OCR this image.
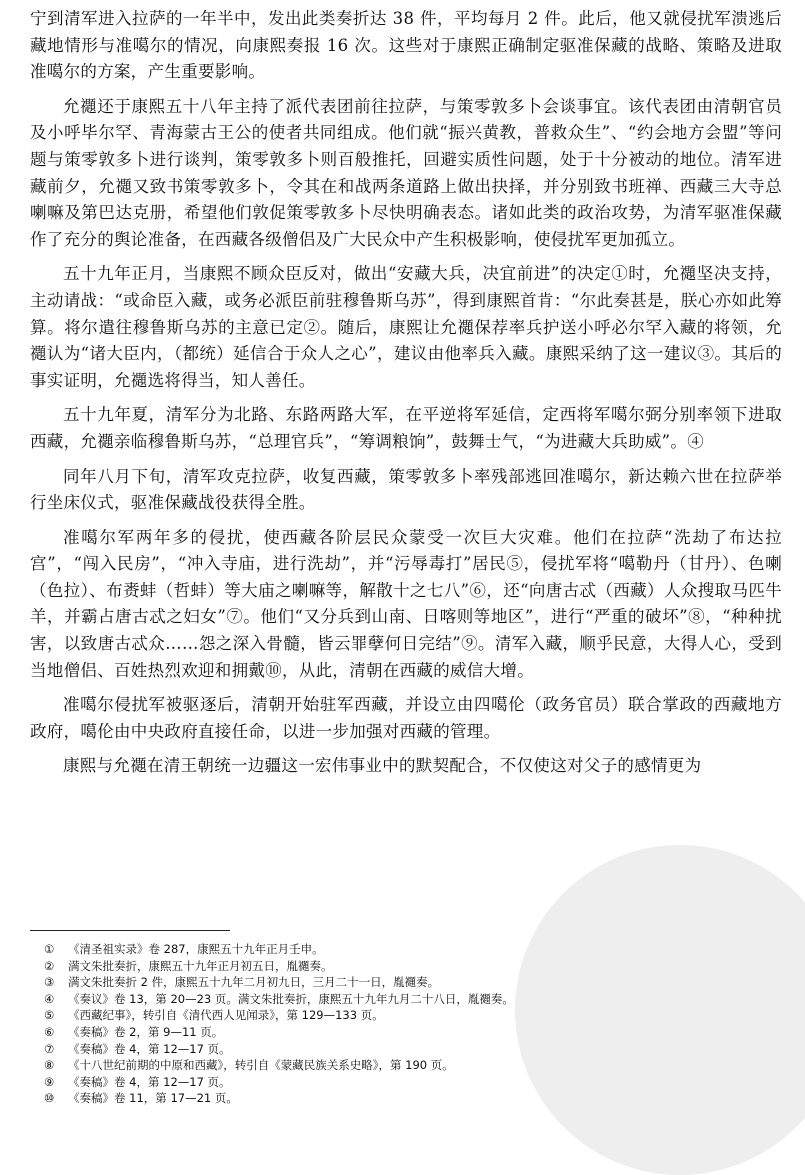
宁到清军进入拉萨的一年半中，发出此类奏折达 38 件，平均每月 2 件。此后，他又就侵扰军溃逃后藏地情形与准噶尔的情况，向康熙奏报 16 次。这些对于康熙正确制定驱准保藏的战略、策略及进取准噶尔的方案，产生重要影响。

允禵还于康熙五十八年主持了派代表团前往拉萨，与策零敦多卜会谈事宜。该代表团由清朝官员及小呼毕尔罕、青海蒙古王公的使者共同组成。他们就“振兴黄教，普救众生”、“约会地方会盟”等问题与策零敦多卜进行谈判，策零敦多卜则百般推托，回避实质性问题，处于十分被动的地位。清军进藏前夕，允禵又致书策零敦多卜，令其在和战两条道路上做出抉择，并分别致书班禅、西藏三大寺总喇嘛及第巴达克册，希望他们敦促策零敦多卜尽快明确表态。诸如此类的政治攻势，为清军驱准保藏作了充分的舆论准备，在西藏各级僧侣及广大民众中产生积极影响，使侵扰军更加孤立。

五十九年正月，当康熙不顾众臣反对，做出“安藏大兵，决宜前进”的决定①时，允禵坚决支持，主动请战：“或命臣入藏，或务必派臣前驻穆鲁斯乌苏”，得到康熙首肯：“尔此奏甚是，朕心亦如此筹算。将尔遣往穆鲁斯乌苏的主意已定②。随后，康熙让允禵保荐率兵护送小呼必尔罕入藏的将领，允禵认为“诸大臣内，（都统）延信合于众人之心”，建议由他率兵入藏。康熙采纳了这一建议③。其后的事实证明，允禵选将得当，知人善任。

五十九年夏，清军分为北路、东路两路大军，在平逆将军延信，定西将军噶尔弼分别率领下进取西藏，允禵亲临穆鲁斯乌苏，“总理官兵”，“筹调粮饷”，鼓舞士气，“为进藏大兵助威”。④

同年八月下旬，清军攻克拉萨，收复西藏，策零敦多卜率残部逃回准噶尔，新达赖六世在拉萨举行坐床仪式，驱准保藏战役获得全胜。

准噶尔军两年多的侵扰，使西藏各阶层民众蒙受一次巨大灾难。他们在拉萨“洗劫了布达拉宫”，“闯入民房”，“冲入寺庙，进行洗劫”，并“污辱毒打”居民⑤，侵扰军将“噶勒丹（甘丹）、色喇（色拉）、布赉蚌（哲蚌）等大庙之喇嘛等，解散十之七八”⑥，还“向唐古忒（西藏）人众搜取马匹牛羊，并霸占唐古忒之妇女”⑦。他们“又分兵到山南、日喀则等地区”，进行“严重的破坏”⑧，“种种扰害，以致唐古忒众……怨之深入骨髓，皆云罪孽何日完结”⑨。清军入藏，顺乎民意，大得人心，受到当地僧侣、百姓热烈欢迎和拥戴⑩，从此，清朝在西藏的威信大增。

准噶尔侵扰军被驱逐后，清朝开始驻军西藏，并设立由四噶伦（政务官员）联合掌政的西藏地方政府，噶伦由中央政府直接任命，以进一步加强对西藏的管理。

康熙与允禵在清王朝统一边疆这一宏伟事业中的默契配合，不仅使这对父子的感情更为

①	《清圣祖实录》卷 287，康熙五十九年正月壬申。
②	满文朱批奏折，康熙五十九年正月初五日，胤禵奏。
③	满文朱批奏折 2 件，康熙五十九年二月初九日，三月二十一日，胤禵奏。
④	《奏议》卷 13，第 20—23 页。满文朱批奏折，康熙五十九年九月二十八日，胤禵奏。
⑤	《西藏纪事》，转引自《清代西人见闻录》，第 129—133 页。
⑥	《奏稿》卷 2，第 9—11 页。
⑦	《奏稿》卷 4，第 12—17 页。
⑧	《十八世纪前期的中原和西藏》，转引自《蒙藏民族关系史略》，第 190 页。
⑨	《奏稿》卷 4，第 12—17 页。
⑩	《奏稿》卷 11，第 17—21 页。
